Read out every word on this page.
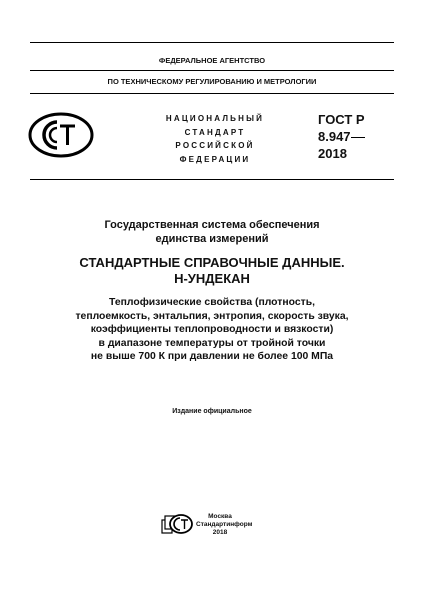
ФЕДЕРАЛЬНОЕ АГЕНТСТВО
ПО ТЕХНИЧЕСКОМУ РЕГУЛИРОВАНИЮ И МЕТРОЛОГИИ
НАЦИОНАЛЬНЫЙ
СТАНДАРТ
РОССИЙСКОЙ
ФЕДЕРАЦИИ
ГОСТ Р
8.947
2018
Государственная система обеспечения
единства измерений
СТАНДАРТНЫЕ СПРАВОЧНЫЕ ДАННЫЕ.
Н-УНДЕКАН
Теплофизические свойства (плотность,
теплоемкость, энтальпия, энтропия, скорость звука,
коэффициенты теплопроводности и вязкости)
в диапазоне температуры от тройной точки
не выше 700 К при давлении не более 100 МПа
Издание официальное
Москва
Стандартинформ
2018
